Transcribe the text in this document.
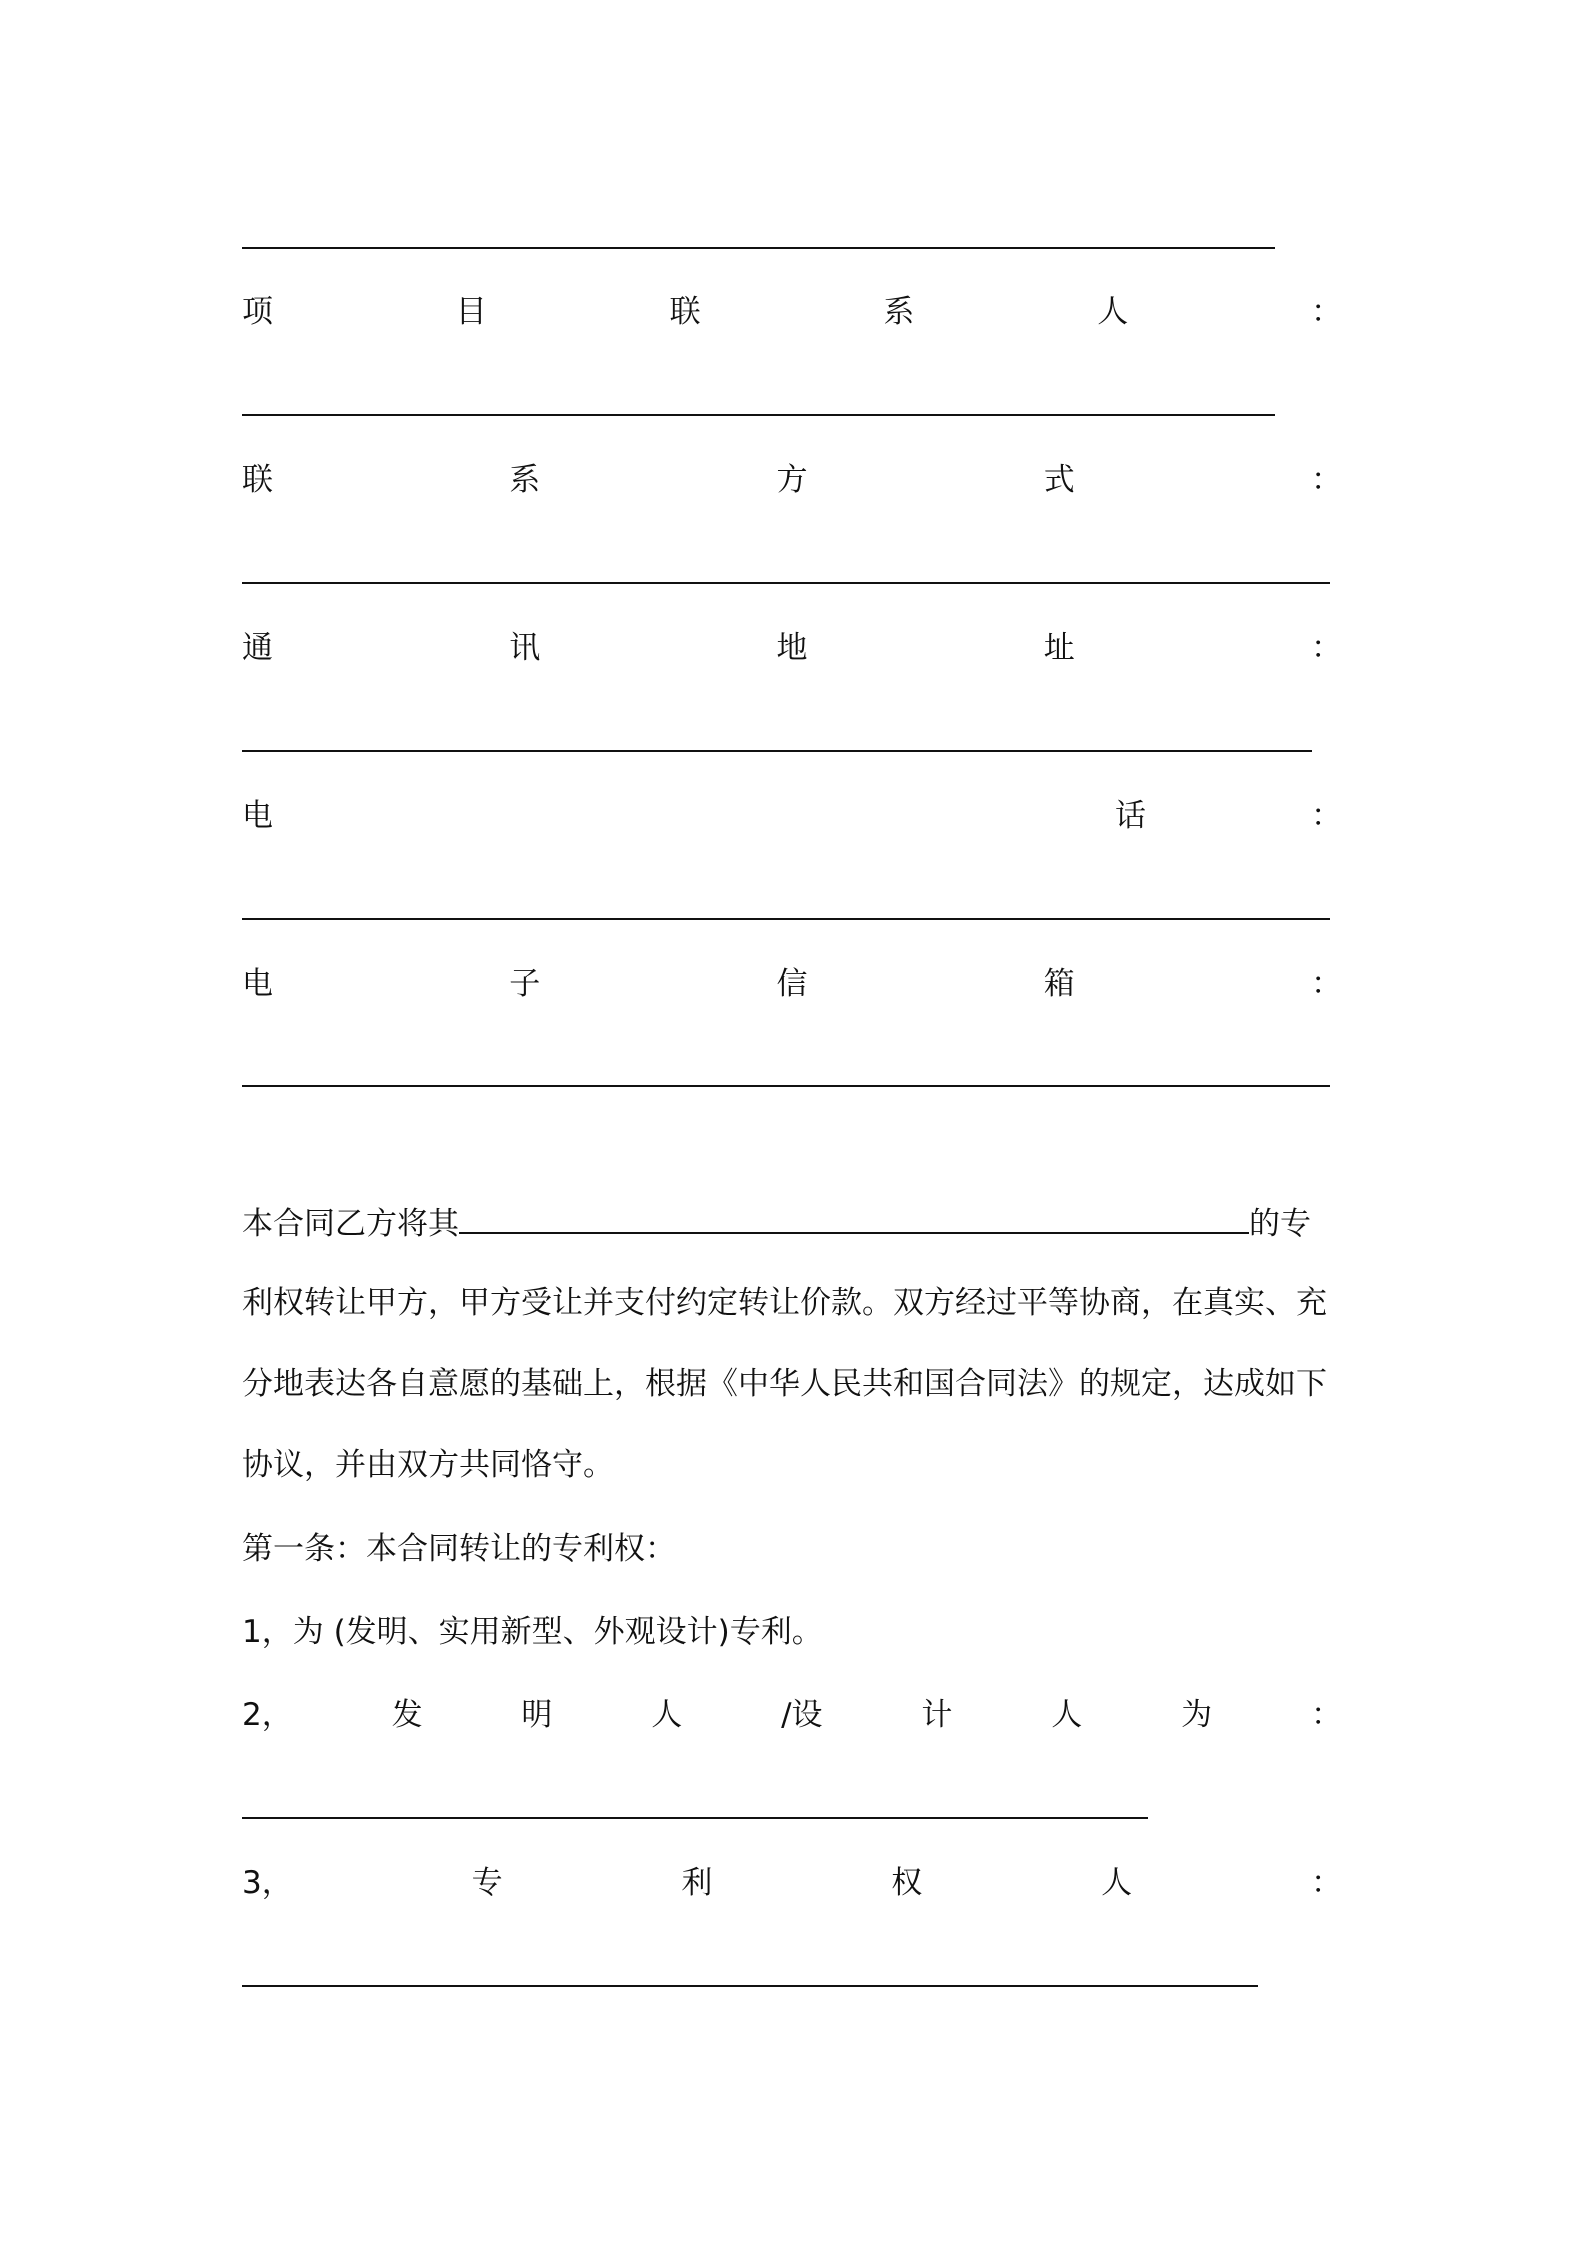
项	目	联	系	人	：
联	系	方	式	：
通	讯	地	址	：
电	话	：
电	子	信	箱	：
本合同乙方将其	的专
利权转让甲方，甲方受让并支付约定转让价款。双方经过平等协商，在真实、充
分地表达各自意愿的基础上，根据《中华人民共和国合同法》的规定，达成如下
协议，并由双方共同恪守。
第一条：本合同转让的专利权：
1，为 (发明、实用新型、外观设计)专利。
2，	发	明	人	/设	计	人	为	：
3，	专	利	权	人	：
